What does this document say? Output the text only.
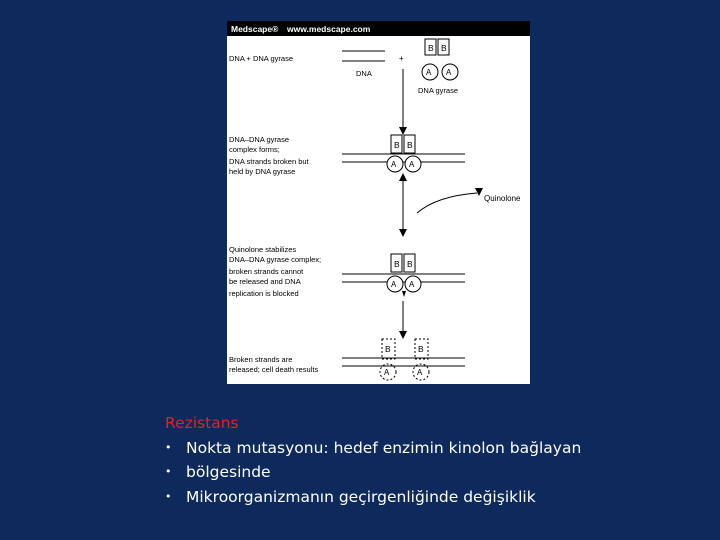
Medscape® www.medscape.com
DNA + DNA gyrase
DNA
+
B B
A A
DNA gyrase
DNA–DNA gyrase
complex forms;
DNA strands broken but
held by DNA gyrase
B B
A A
Quinolone
Quinolone stabilizes
DNA–DNA gyrase complex;
broken strands cannot
be released and DNA
replication is blocked
B B
A A
Broken strands are
released; cell death results
B	B
A	A
Rezistans
• Nokta mutasyonu: hedef enzimin kinolon bağlayan
• bölgesinde
• Mikroorganizmanın geçirgenliğinde değişiklik
